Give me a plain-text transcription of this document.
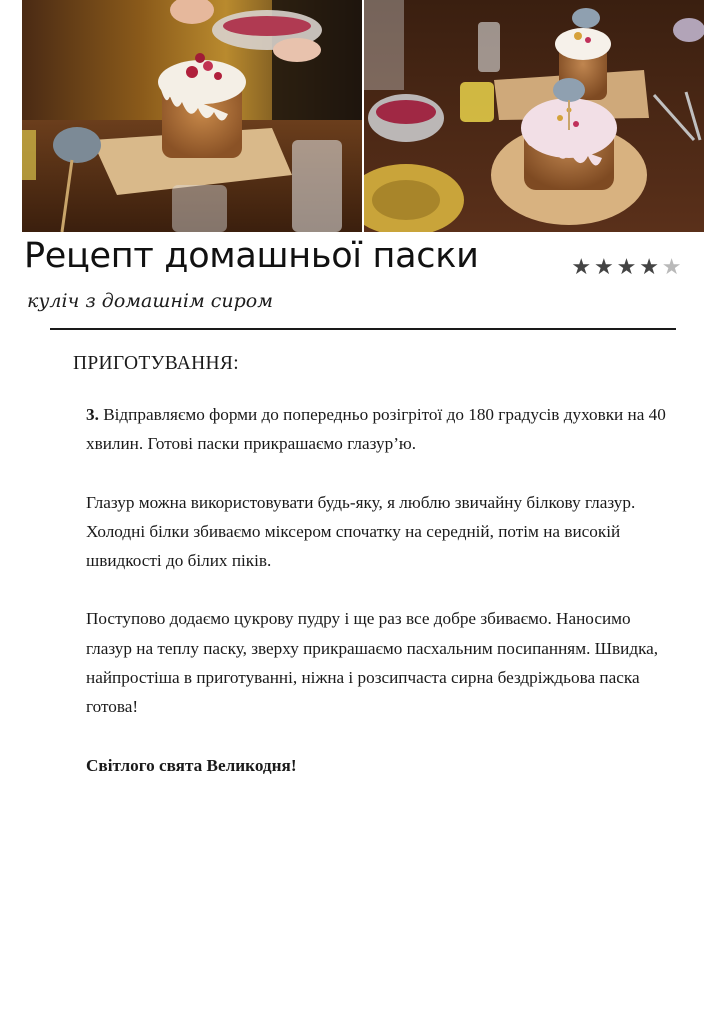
Рецепт домашньої паски	★ ★ ★ ★ ★

куліч з домашнім сиром

ПРИГОТУВАННЯ:

3. Відправляємо форми до попередньо розігрітої до 180 градусів духовки на 40 хвилин. Готові паски прикрашаємо глазур’ю.

Глазур можна використовувати будь-яку, я люблю звичайну білкову глазур. Холодні білки збиваємо міксером спочатку на середній, потім на високій швидкості до білих піків.

Поступово додаємо цукрову пудру і ще раз все добре збиваємо. Наносимо глазур на теплу паску, зверху прикрашаємо пасхальним посипанням. Швидка, найпростіша в приготуванні, ніжна і розсипчаста сирна бездріждьова паска готова!

Світлого свята Великодня!
